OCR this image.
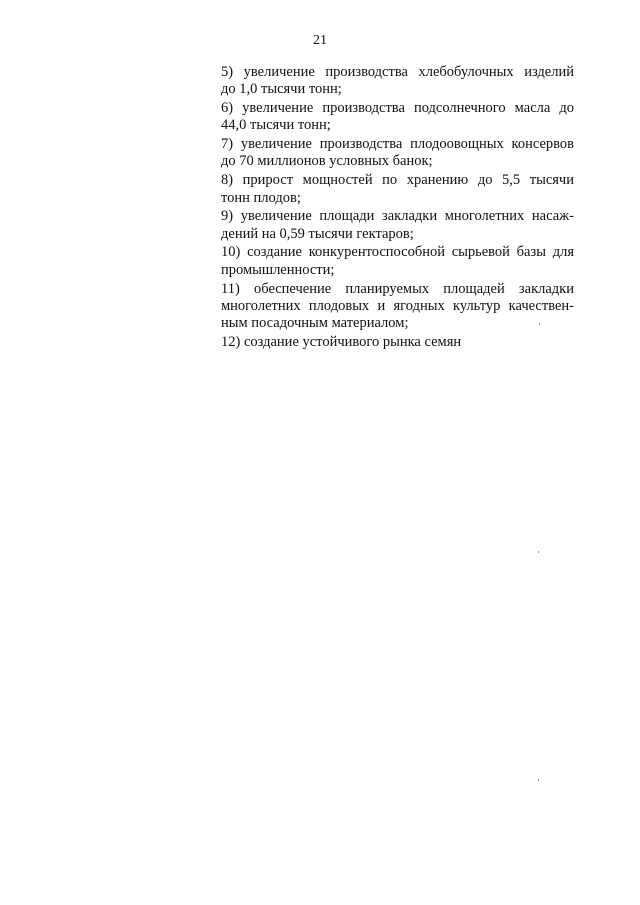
21
5) увеличение производства хлебобулочных изделий
до 1,0 тысячи тонн;
6) увеличение производства подсолнечного масла до
44,0 тысячи тонн;
7) увеличение производства плодоовощных консервов
до 70 миллионов условных банок;
8) прирост мощностей по хранению до 5,5 тысячи
тонн плодов;
9) увеличение площади закладки многолетних насаж-
дений на 0,59 тысячи гектаров;
10) создание конкурентоспособной сырьевой базы для
промышленности;
11) обеспечение планируемых площадей закладки
многолетних плодовых и ягодных культур качествен-
ным посадочным материалом;
12) создание устойчивого рынка семян
